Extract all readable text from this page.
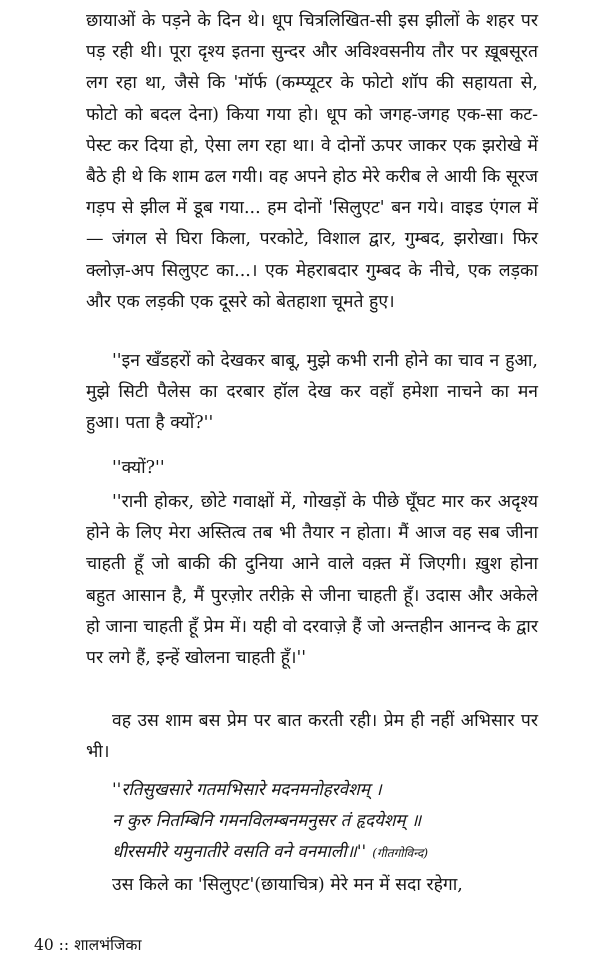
छायाओं के पड़ने के दिन थे। धूप चित्रलिखित-सी इस झीलों के शहर पर पड़ रही थी। पूरा दृश्य इतना सुन्दर और अविश्वसनीय तौर पर ख़ूबसूरत लग रहा था, जैसे कि 'मॉर्फ (कम्प्यूटर के फोटो शॉप की सहायता से, फोटो को बदल देना) किया गया हो। धूप को जगह-जगह एक-सा कट-पेस्ट कर दिया हो, ऐसा लग रहा था। वे दोनों ऊपर जाकर एक झरोखे में बैठे ही थे कि शाम ढल गयी। वह अपने होठ मेरे करीब ले आयी कि सूरज गड़प से झील में डूब गया... हम दोनों 'सिलुएट' बन गये। वाइड एंगल में— जंगल से घिरा किला, परकोटे, विशाल द्वार, गुम्बद, झरोखा। फिर क्लोज़-अप सिलुएट का...। एक मेहराबदार गुम्बद के नीचे, एक लड़का और एक लड़की एक दूसरे को बेतहाशा चूमते हुए।
''इन खँडहरों को देखकर बाबू, मुझे कभी रानी होने का चाव न हुआ, मुझे सिटी पैलेस का दरबार हॉल देख कर वहाँ हमेशा नाचने का मन हुआ। पता है क्यों?''
''क्यों?''
''रानी होकर, छोटे गवाक्षों में, गोखड़ों के पीछे घूँघट मार कर अदृश्य होने के लिए मेरा अस्तित्व तब भी तैयार न होता। मैं आज वह सब जीना चाहती हूँ जो बाकी की दुनिया आने वाले वक़्त में जिएगी। ख़ुश होना बहुत आसान है, मैं पुरज़ोर तरीक़े से जीना चाहती हूँ। उदास और अकेले हो जाना चाहती हूँ प्रेम में। यही वो दरवाज़े हैं जो अन्तहीन आनन्द के द्वार पर लगे हैं, इन्हें खोलना चाहती हूँ।''
वह उस शाम बस प्रेम पर बात करती रही। प्रेम ही नहीं अभिसार पर भी।
''रतिसुखसारे गतमभिसारे मदनमनोहरवेशम् ।
न कुरु नितम्बिनि गमनविलम्बनमनुसर तं हृदयेशम् ॥
धीरसमीरे यमुनातीरे वसति वने वनमाली॥'' (गीतगोविन्द)
उस किले का 'सिलुएट'(छायाचित्र) मेरे मन में सदा रहेगा,
40 :: शालभंजिका
